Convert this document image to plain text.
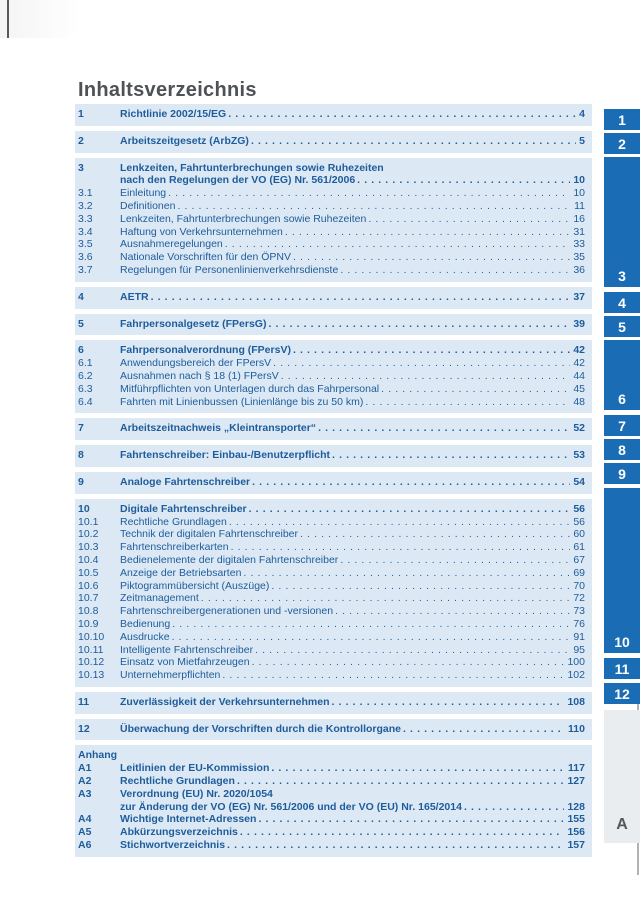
Inhaltsverzeichnis
1	Richtlinie 2002/15/EG . . .	4
2	Arbeitszeitgesetz (ArbZG) . . .	5
3	Lenkzeiten, Fahrtunterbrechungen sowie Ruhezeiten
nach den Regelungen der VO (EG) Nr. 561/2006 . . .	10
3.1	Einleitung . . .	10
3.2	Definitionen . . .	11
3.3	Lenkzeiten, Fahrtunterbrechungen sowie Ruhezeiten . . .	16
3.4	Haftung von Verkehrsunternehmen . . .	31
3.5	Ausnahmeregelungen . . .	33
3.6	Nationale Vorschriften für den ÖPNV . . .	35
3.7	Regelungen für Personenlinienverkehrsdienste . . .	36
4	AETR . . .	37
5	Fahrpersonalgesetz (FPersG) . . .	39
6	Fahrpersonalverordnung (FPersV) . . .	42
6.1	Anwendungsbereich der FPersV . . .	42
6.2	Ausnahmen nach § 18 (1) FPersV . . .	44
6.3	Mitführpflichten von Unterlagen durch das Fahrpersonal . . .	45
6.4	Fahrten mit Linienbussen (Linienlänge bis zu 50 km) . . .	48
7	Arbeitszeitnachweis „Kleintransporter“ . . .	52
8	Fahrtenschreiber: Einbau-/Benutzerpflicht . . .	53
9	Analoge Fahrtenschreiber . . .	54
10	Digitale Fahrtenschreiber . . .	56
10.1	Rechtliche Grundlagen . . .	56
10.2	Technik der digitalen Fahrtenschreiber . . .	60
10.3	Fahrtenschreiberkarten . . .	61
10.4	Bedienelemente der digitalen Fahrtenschreiber . . .	67
10.5	Anzeige der Betriebsarten . . .	69
10.6	Piktogrammübersicht (Auszüge) . . .	70
10.7	Zeitmanagement . . .	72
10.8	Fahrtenschreibergenerationen und -versionen . . .	73
10.9	Bedienung . . .	76
10.10	Ausdrucke . . .	91
10.11	Intelligente Fahrtenschreiber . . .	95
10.12	Einsatz von Mietfahrzeugen . . .	100
10.13	Unternehmerpflichten . . .	102
11	Zuverlässigkeit der Verkehrsunternehmen . . .	108
12	Überwachung der Vorschriften durch die Kontrollorgane . . .	110
Anhang
A1	Leitlinien der EU-Kommission . . .	117
A2	Rechtliche Grundlagen . . .	127
A3	Verordnung (EU) Nr. 2020/1054
zur Änderung der VO (EG) Nr. 561/2006 und der VO (EU) Nr. 165/2014 . . .	128
A4	Wichtige Internet-Adressen . . .	155
A5	Abkürzungsverzeichnis . . .	156
A6	Stichwortverzeichnis . . .	157
1
2
3
4
5
6
7
8
9
10
11
12
A
